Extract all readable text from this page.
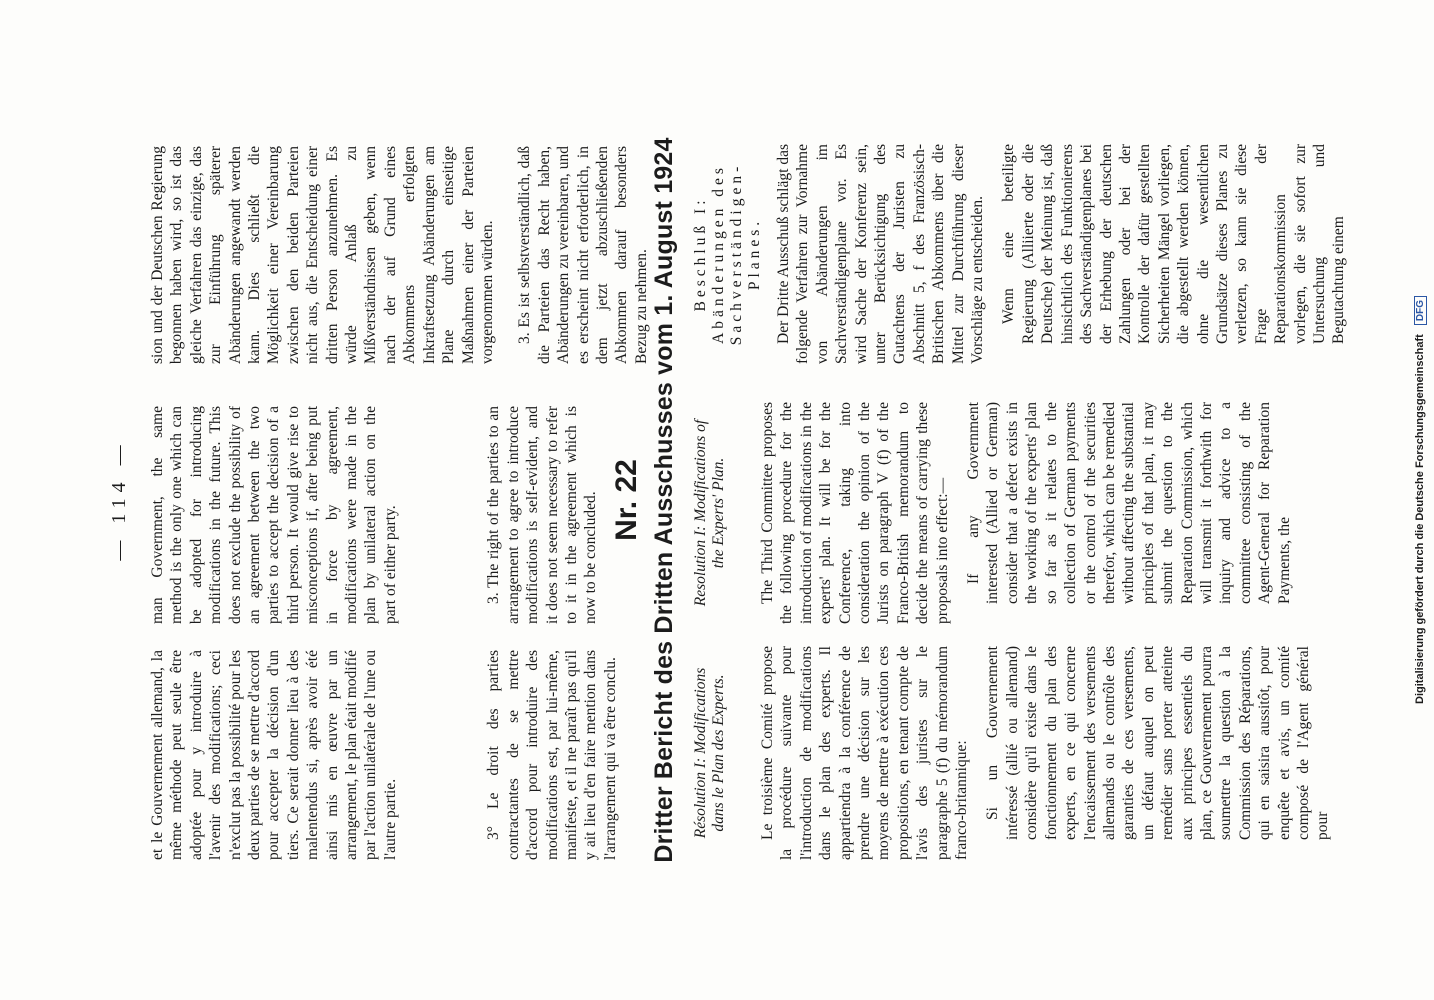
— 114 —

et le Gouvernement allemand, la même méthode peut seule être adoptée pour y introduire à l'avenir des modifications; ceci n'exclut pas la possibilité pour les deux parties de se mettre d'accord pour accepter la décision d'un tiers. Ce serait donner lieu à des malentendus si, après avoir été ainsi mis en œuvre par un arrangement, le plan était modifié par l'action unilatérale de l'une ou l'autre partie.	3° Le droit des parties contractantes de se mettre d'accord pour introduire des modifications est, par lui-même, manifeste, et il ne paraît pas qu'il y ait lieu d'en faire mention dans l'arrangement qui va être conclu.

man Government, the same method is the only one which can be adopted for introducing modifications in the future. This does not exclude the possibility of an agreement between the two parties to accept the decision of a third person. It would give rise to misconceptions if, after being put in force by agreement, modifications were made in the plan by unilateral action on the part of either party.	3. The right of the parties to an arrangement to agree to introduce modifications is self-evident, and it does not seem necessary to refer to it in the agreement which is now to be concluded.

sion und der Deutschen Regierung begonnen haben wird, so ist das gleiche Verfahren das einzige, das zur Einführung späterer Abänderungen angewandt werden kann. Dies schließt die Möglichkeit einer Vereinbarung zwischen den beiden Parteien nicht aus, die Entscheidung einer dritten Person anzunehmen. Es würde Anlaß zu Mißverständnissen geben, wenn nach der auf Grund eines Abkommens erfolgten Inkraftsetzung Abänderungen am Plane durch einseitige Maßnahmen einer der Parteien vorgenommen würden. 3. Es ist selbstverständlich, daß die Parteien das Recht haben, Abänderungen zu vereinbaren, und es erscheint nicht erforderlich, in dem jetzt abzuschließenden Abkommen darauf besonders Bezug zu nehmen.

Nr. 22 Dritter Bericht des Dritten Ausschusses vom 1. August 1924 Résolution I: Modifications
dans le Plan des Experts. Le troisième Comité propose la procédure suivante pour l'introduction de modifications dans le plan des experts. Il appartiendra à la conférence de prendre une décision sur les moyens de mettre à exécution ces propositions, en tenant compte de l'avis des juristes sur le paragraphe 5 (f) du mémorandum franco-britannique: Si un Gouvernement intéressé (allié ou allemand) considère qu'il existe dans le fonctionnement du plan des experts, en ce qui concerne l'encaissement des versements allemands ou le contrôle des garanties de ces versements, un défaut auquel on peut remédier sans porter atteinte aux principes essentiels du plan, ce Gouvernement pourra soumettre la question à la Commission des Réparations, qui en saisira aussitôt, pour enquête et avis, un comité composé de l'Agent général pour

Resolution I: Modifications of
the Experts' Plan. The Third Committee proposes the following procedure for the introduction of modifications in the experts' plan. It will be for the Conference, taking into consideration the opinion of the Jurists on paragraph V (f) of the Franco-British memorandum to decide the means of carrying these proposals into effect:— If any Government interested (Allied or German) consider that a defect exists in the working of the experts' plan so far as it relates to the collection of German payments or the control of the securities therefor, which can be remedied without affecting the substantial principles of that plan, it may submit the question to the Reparation Commission, which will transmit it forthwith for inquiry and advice to a committee consisting of the Agent-General for Reparation Payments, the

Beschluß I:
Abänderungen des
Sachverständigen-
Planes. Der Dritte Ausschuß schlägt das folgende Verfahren zur Vornahme von Abänderungen im Sachverständigenplane vor. Es wird Sache der Konferenz sein, unter Berücksichtigung des Gutachtens der Juristen zu Abschnitt 5, f des Französisch-Britischen Abkommens über die Mittel zur Durchführung dieser Vorschläge zu entscheiden. Wenn eine beteiligte Regierung (Alliierte oder die Deutsche) der Meinung ist, daß hinsichtlich des Funktionierens des Sachverständigenplanes bei der Erhebung der deutschen Zahlungen oder bei der Kontrolle der dafür gestellten Sicherheiten Mängel vorliegen, die abgestellt werden können, ohne die wesentlichen Grundsätze dieses Planes zu verletzen, so kann sie diese Frage der Reparationskommission vorlegen, die sie sofort zur Untersuchung und Begutachtung einem

Digitalisierung gefördert durch die Deutsche Forschungsgemeinschaft DFG
